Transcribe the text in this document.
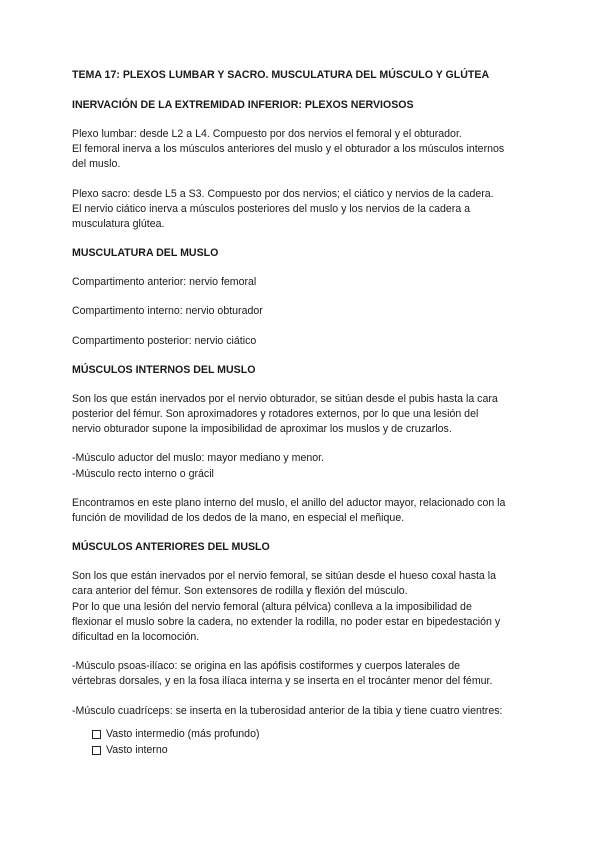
TEMA 17: PLEXOS LUMBAR Y SACRO. MUSCULATURA DEL MÚSCULO Y GLÚTEA

INERVACIÓN DE LA EXTREMIDAD INFERIOR: PLEXOS NERVIOSOS

Plexo lumbar: desde L2 a L4. Compuesto por dos nervios el femoral y el obturador.
El femoral inerva a los músculos anteriores del muslo y el obturador a los músculos internos
del muslo.

Plexo sacro: desde L5 a S3. Compuesto por dos nervios; el ciático y nervios de la cadera.
El nervio ciático inerva a músculos posteriores del muslo y los nervios de la cadera a
musculatura glútea.

MUSCULATURA DEL MUSLO

Compartimento anterior: nervio femoral

Compartimento interno: nervio obturador

Compartimento posterior: nervio ciático

MÚSCULOS INTERNOS DEL MUSLO

Son los que están inervados por el nervio obturador, se sitúan desde el pubis hasta la cara
posterior del fémur. Son aproximadores y rotadores externos, por lo que una lesión del
nervio obturador supone la imposibilidad de aproximar los muslos y de cruzarlos.

-Músculo aductor del muslo: mayor mediano y menor.
-Músculo recto interno o grácil

Encontramos en este plano interno del muslo, el anillo del aductor mayor, relacionado con la
función de movilidad de los dedos de la mano, en especial el meñique.

MÚSCULOS ANTERIORES DEL MUSLO

Son los que están inervados por el nervio femoral, se sitúan desde el hueso coxal hasta la
cara anterior del fémur. Son extensores de rodilla y flexión del músculo.
Por lo que una lesión del nervio femoral (altura pélvica) conlleva a la imposibilidad de
flexionar el muslo sobre la cadera, no extender la rodilla, no poder estar en bipedestación y
dificultad en la locomoción.

-Músculo psoas-ilíaco: se origina en las apófisis costiformes y cuerpos laterales de
vértebras dorsales, y en la fosa ilíaca interna y se inserta en el trocánter menor del fémur.

-Músculo cuadríceps: se inserta en la tuberosidad anterior de la tibia y tiene cuatro vientres:

Vasto intermedio (más profundo)
Vasto interno
